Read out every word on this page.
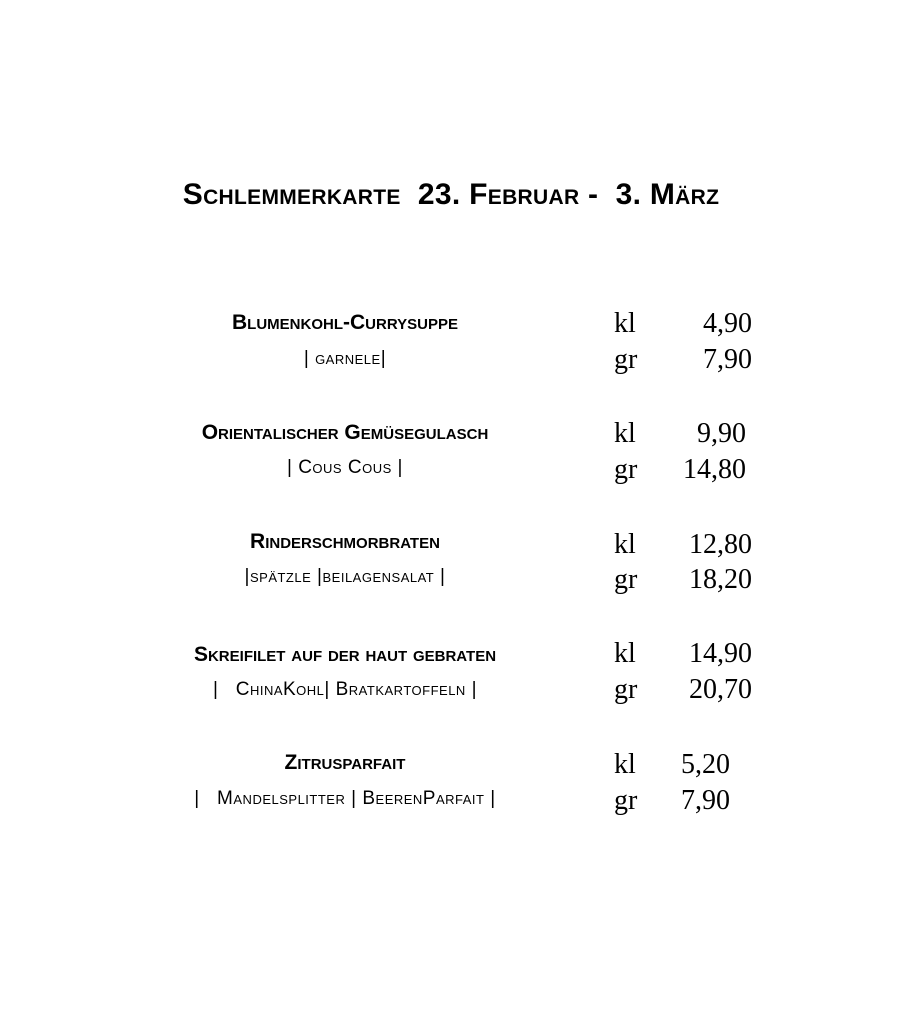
Schlemmerkarte  23. Februar -  3. März
Blumenkohl-Currysuppe
| garnele|
kl	4,90
gr	7,90
Orientalischer Gemüsegulasch
| Cous Cous |
kl	9,90
gr	14,80
Rinderschmorbraten
|spätzle |beilagensalat |
kl	12,80
gr	18,20
Skreifilet auf der haut gebraten
|   ChinaKohl| Bratkartoffeln |
kl	14,90
gr	20,70
Zitrusparfait
|   Mandelsplitter | BeerenParfait |
kl	5,20
gr	7,90
